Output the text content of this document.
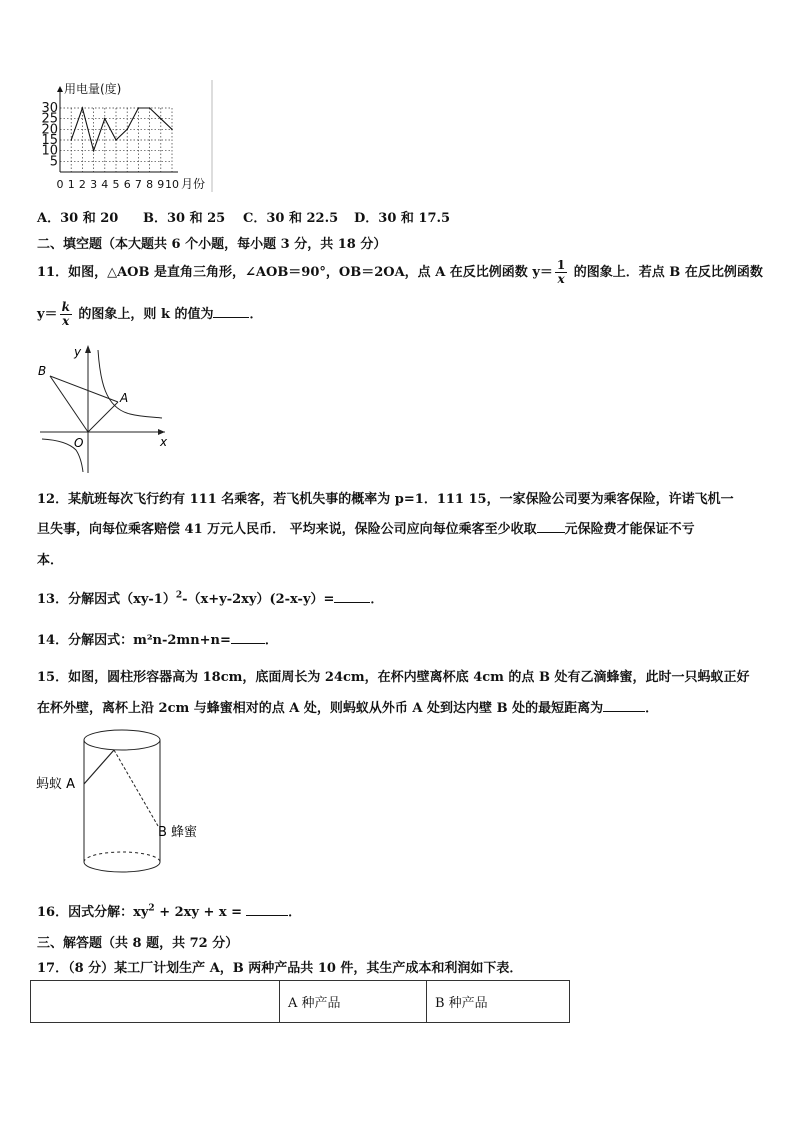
5
10
15
20
25
30
0 1 2 3 4 5 6 7 8 9 10
用电量(度)
月份
A．30 和 20 B．30 和 25 C．30 和 22.5 D．30 和 17.5
二、填空题（本大题共 6 个小题，每小题 3 分，共 18 分）
11．如图，△AOB 是直角三角形，∠AOB＝90°，OB＝2OA，点 A 在反比例函数 $y= \frac{1}{x}$ 的图象上．若点 B 在反比例函数
$y= \frac{k}{x}$ 的图象上，则 k 的值为	．
y
x
O
A
B
12．某航班每次飞行约有 111 名乘客，若飞机失事的概率为 p=1．111 15，一家保险公司要为乘客保险，许诺飞机一
旦失事，向每位乘客赔偿 41 万元人民币． 平均来说，保险公司应向每位乘客至少收取 元保险费才能保证不亏
本．
13．分解因式$(xy-1)^2-(x+y-2xy)(2-x-y)=$	．
14．分解因式：m²n-2mn+n=	．
15．如图，圆柱形容器高为 18cm，底面周长为 24cm，在杯内壁离杯底 4cm 的点 B 处有乙滴蜂蜜，此时一只蚂蚁正好
在杯外壁，离杯上沿 2cm 与蜂蜜相对的点 A 处，则蚂蚁从外币 A 处到达内壁 B 处的最短距离为	．
蚂蚁 A
B 蜂蜜
16．因式分解：$xy^2 + 2xy + x$ =	．
三、解答题（共 8 题，共 72 分）
17．（8 分）某工厂计划生产 A，B 两种产品共 10 件，其生产成本和利润如下表．
	A 种产品	B 种产品
